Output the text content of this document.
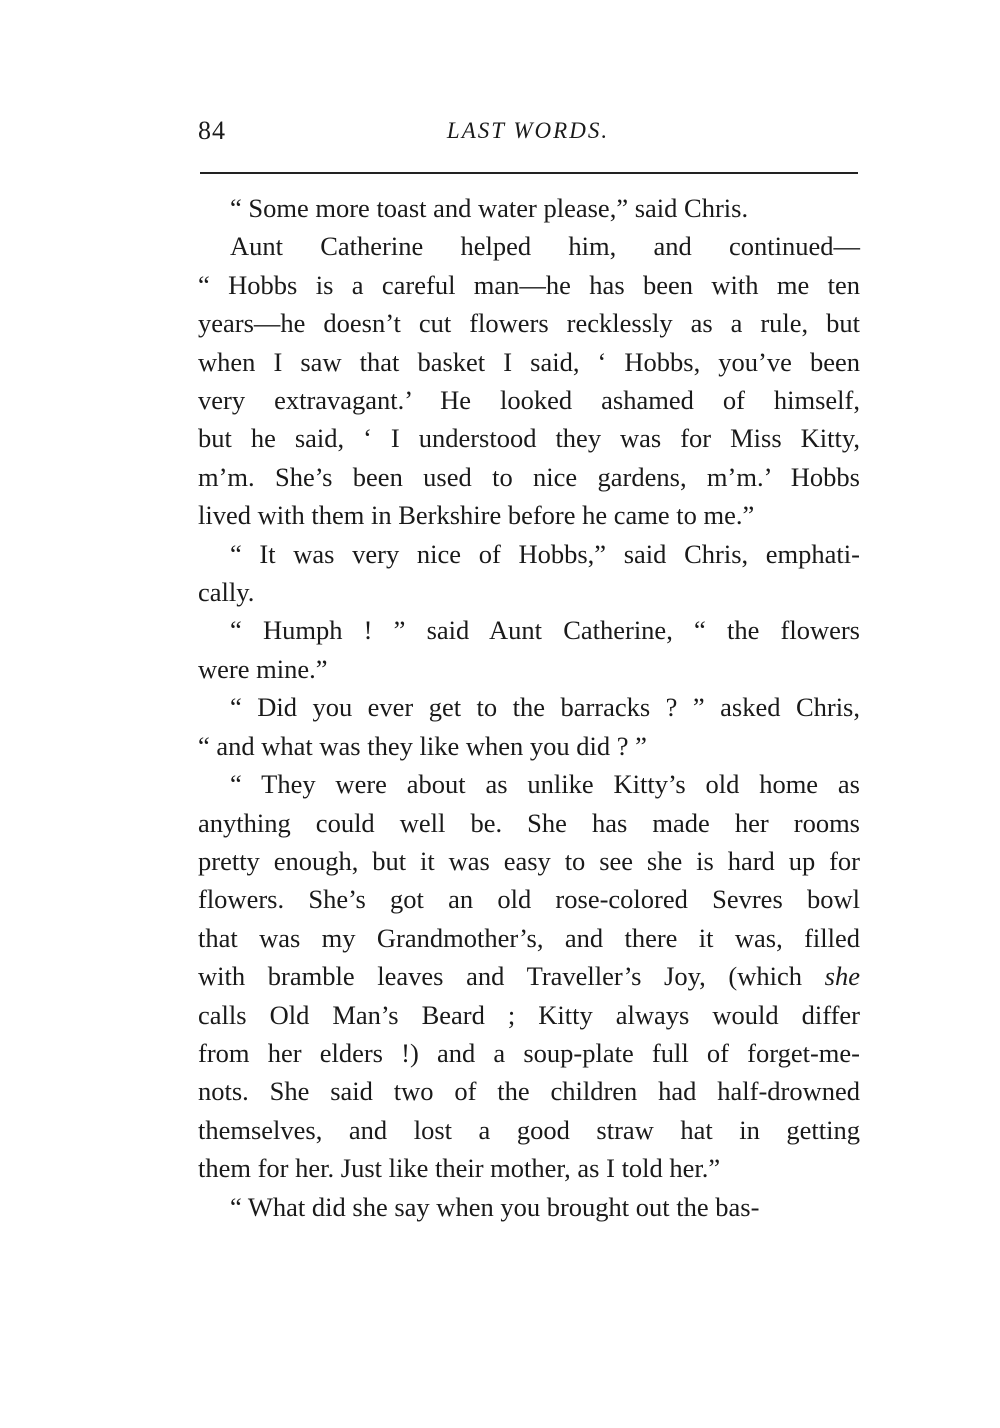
84	LAST WORDS.
“ Some more toast and water please,” said Chris.
Aunt Catherine helped him, and continued—
“ Hobbs is a careful man—he has been with me ten
years—he doesn’t cut flowers recklessly as a rule, but
when I saw that basket I said, ‘ Hobbs, you’ve been
very extravagant.’ He looked ashamed of himself,
but he said, ‘ I understood they was for Miss Kitty,
m’m. She’s been used to nice gardens, m’m.’ Hobbs
lived with them in Berkshire before he came to me.”
“ It was very nice of Hobbs,” said Chris, emphati-
cally.
“ Humph ! ” said Aunt Catherine, “ the flowers
were mine.”
“ Did you ever get to the barracks ? ” asked Chris,
“ and what was they like when you did ? ”
“ They were about as unlike Kitty’s old home as
anything could well be. She has made her rooms
pretty enough, but it was easy to see she is hard up for
flowers. She’s got an old rose-colored Sevres bowl
that was my Grandmother’s, and there it was, filled
with bramble leaves and Traveller’s Joy, (which she
calls Old Man’s Beard ; Kitty always would differ
from her elders !) and a soup-plate full of forget-me-
nots. She said two of the children had half-drowned
themselves, and lost a good straw hat in getting
them for her. Just like their mother, as I told her.”
“ What did she say when you brought out the bas-
